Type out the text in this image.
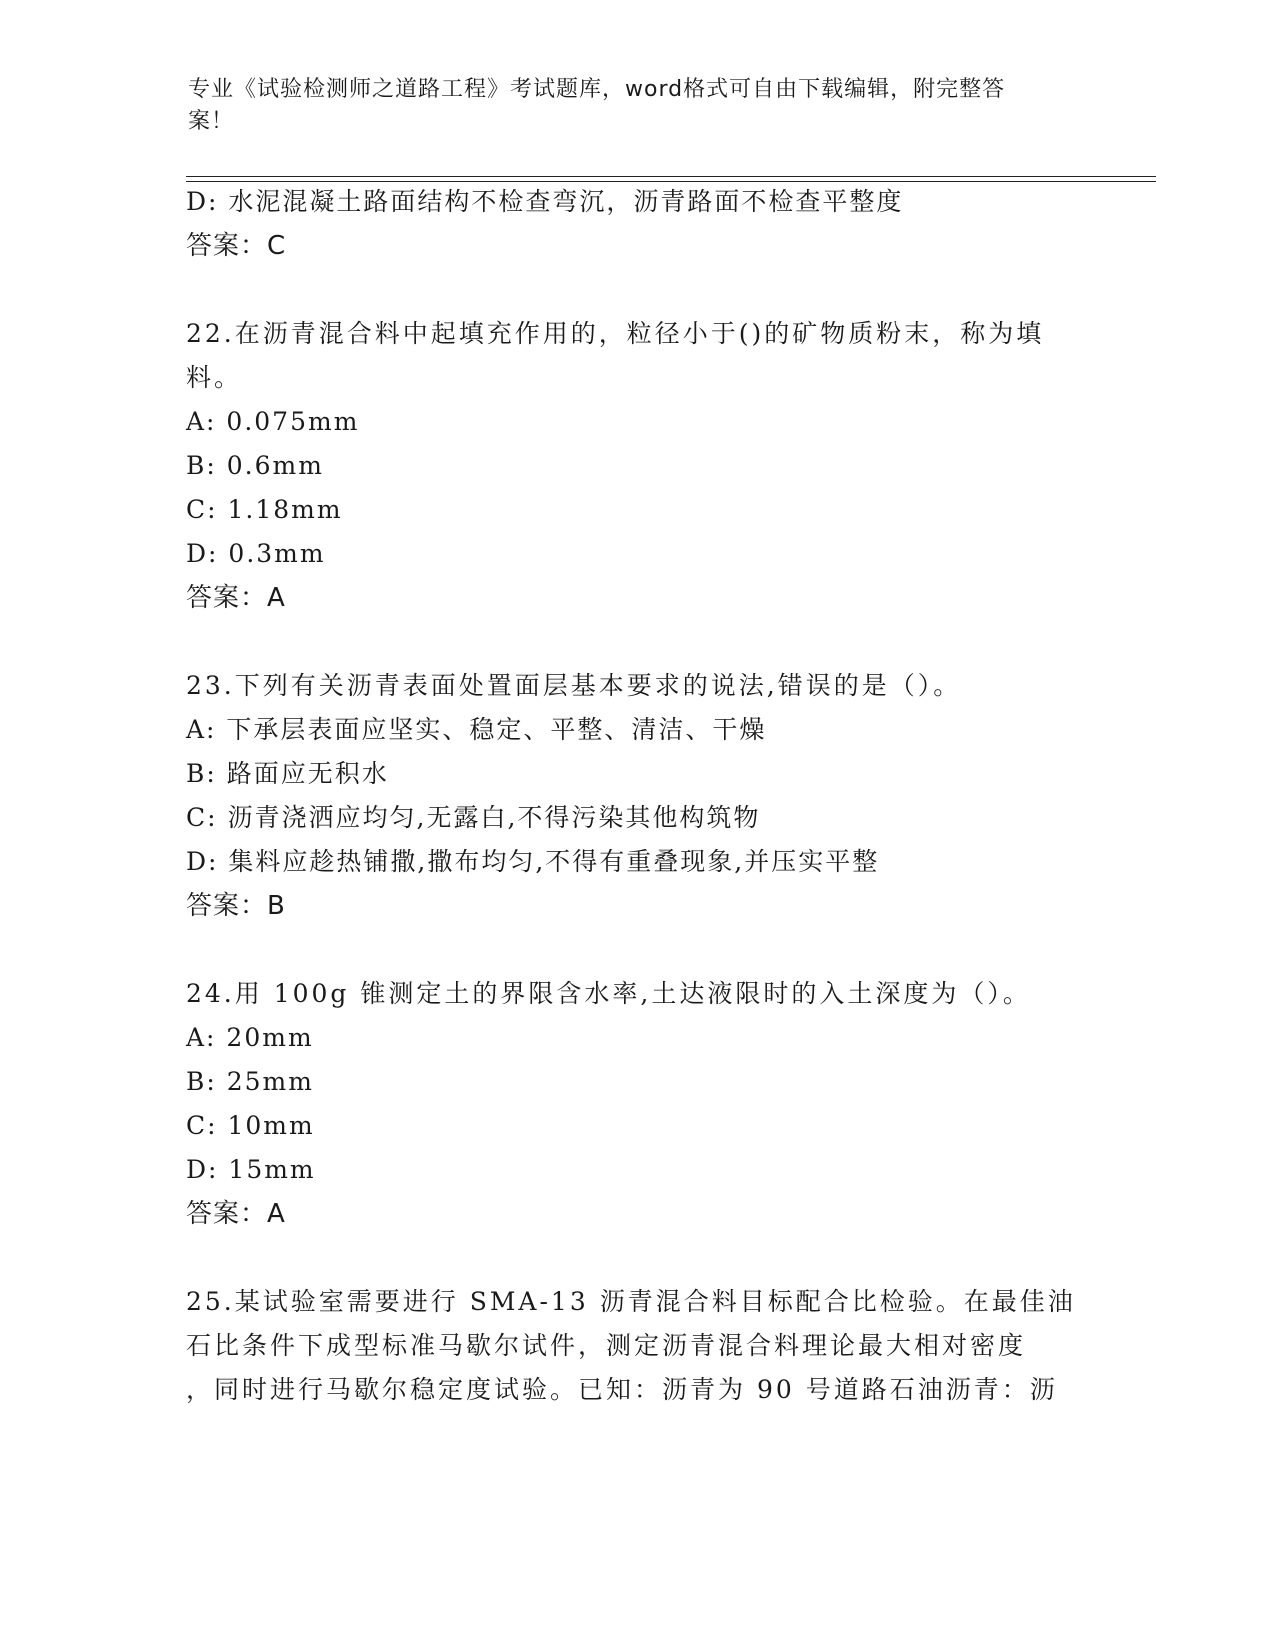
专业《试验检测师之道路工程》考试题库，word格式可自由下载编辑，附完整答
案！
D: 水泥混凝土路面结构不检查弯沉，沥青路面不检查平整度
答案：C
22.在沥青混合料中起填充作用的，粒径小于()的矿物质粉末，称为填
料。
A: 0.075mm
B: 0.6mm
C: 1.18mm
D: 0.3mm
答案：A
23.下列有关沥青表面处置面层基本要求的说法,错误的是（）。
A: 下承层表面应坚实、稳定、平整、清洁、干燥
B: 路面应无积水
C: 沥青浇洒应均匀,无露白,不得污染其他构筑物
D: 集料应趁热铺撒,撒布均匀,不得有重叠现象,并压实平整
答案：B
24.用 100g 锥测定土的界限含水率,土达液限时的入土深度为（）。
A: 20mm
B: 25mm
C: 10mm
D: 15mm
答案：A
25.某试验室需要进行 SMA-13 沥青混合料目标配合比检验。在最佳油
石比条件下成型标准马歇尔试件，测定沥青混合料理论最大相对密度
，同时进行马歇尔稳定度试验。已知：沥青为 90 号道路石油沥青：沥
